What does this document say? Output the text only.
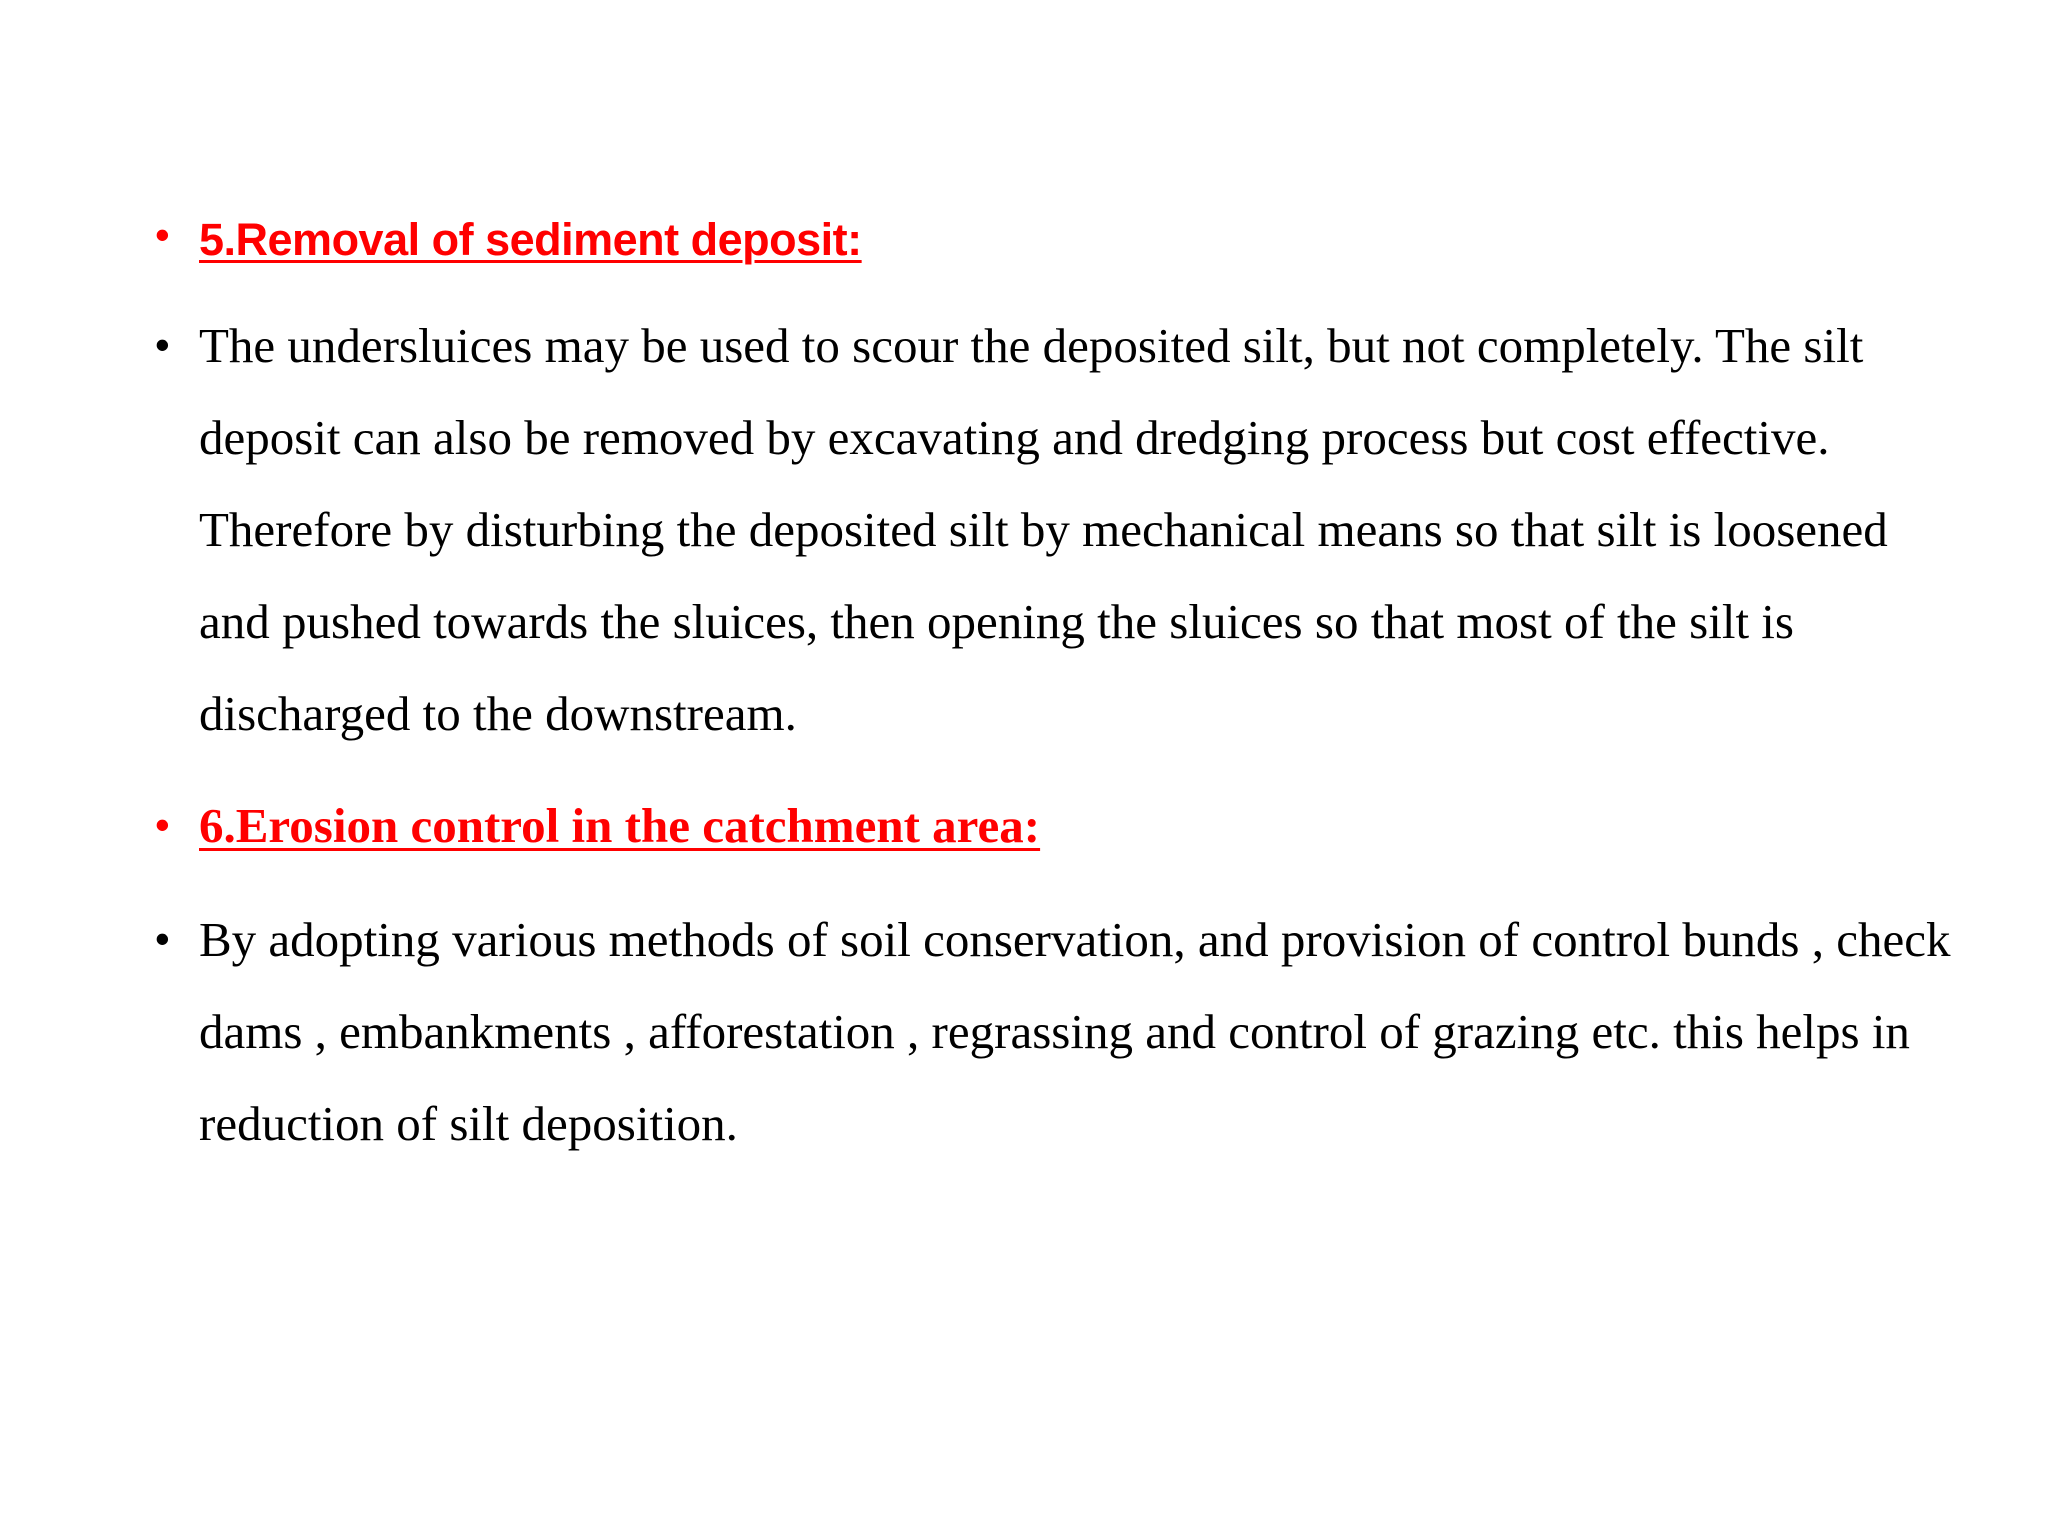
• 5.Removal of sediment deposit:
• The undersluices may be used to scour the deposited silt, but not completely. The silt deposit can also be removed by excavating and dredging process but cost effective. Therefore by disturbing the deposited silt by mechanical means so that silt is loosened and pushed towards the sluices, then opening the sluices so that most of the silt is discharged to the downstream.
• 6.Erosion control in the catchment area:
• By adopting various methods of soil conservation, and provision of control bunds , check dams , embankments , afforestation , regrassing and control of grazing etc. this helps in reduction of silt deposition.
